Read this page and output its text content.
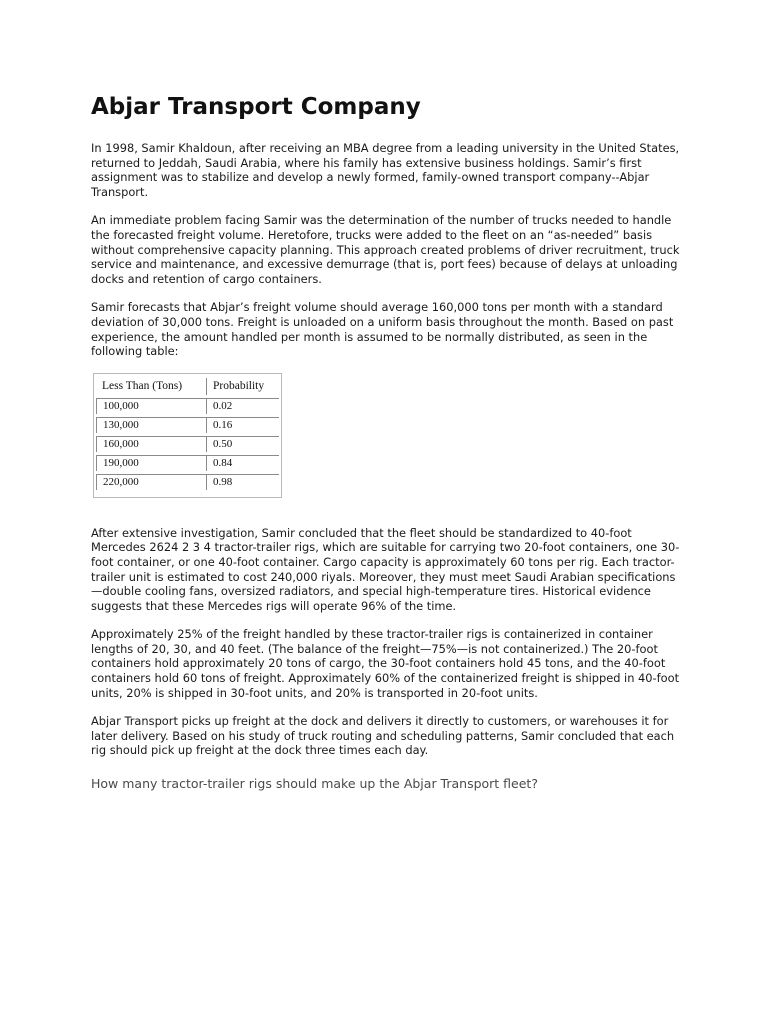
Abjar Transport Company

In 1998, Samir Khaldoun, after receiving an MBA degree from a leading university in the United States, returned to Jeddah, Saudi Arabia, where his family has extensive business holdings. Samir’s first assignment was to stabilize and develop a newly formed, family-owned transport company--Abjar Transport.

An immediate problem facing Samir was the determination of the number of trucks needed to handle the forecasted freight volume. Heretofore, trucks were added to the fleet on an “as-needed” basis without comprehensive capacity planning. This approach created problems of driver recruitment, truck service and maintenance, and excessive demurrage (that is, port fees) because of delays at unloading docks and retention of cargo containers.

Samir forecasts that Abjar’s freight volume should average 160,000 tons per month with a standard deviation of 30,000 tons. Freight is unloaded on a uniform basis throughout the month. Based on past experience, the amount handled per month is assumed to be normally distributed, as seen in the following table:

Less Than (Tons)	Probability
100,000	0.02
130,000	0.16
160,000	0.50
190,000	0.84
220,000	0.98

After extensive investigation, Samir concluded that the fleet should be standardized to 40-foot Mercedes 2624 2 3 4 tractor-trailer rigs, which are suitable for carrying two 20-foot containers, one 30-foot container, or one 40-foot container. Cargo capacity is approximately 60 tons per rig. Each tractor-trailer unit is estimated to cost 240,000 riyals. Moreover, they must meet Saudi Arabian specifications—double cooling fans, oversized radiators, and special high-temperature tires. Historical evidence suggests that these Mercedes rigs will operate 96% of the time.

Approximately 25% of the freight handled by these tractor-trailer rigs is containerized in container lengths of 20, 30, and 40 feet. (The balance of the freight—75%—is not containerized.) The 20-foot containers hold approximately 20 tons of cargo, the 30-foot containers hold 45 tons, and the 40-foot containers hold 60 tons of freight. Approximately 60% of the containerized freight is shipped in 40-foot units, 20% is shipped in 30-foot units, and 20% is transported in 20-foot units.

Abjar Transport picks up freight at the dock and delivers it directly to customers, or warehouses it for later delivery. Based on his study of truck routing and scheduling patterns, Samir concluded that each rig should pick up freight at the dock three times each day.

How many tractor-trailer rigs should make up the Abjar Transport fleet?
